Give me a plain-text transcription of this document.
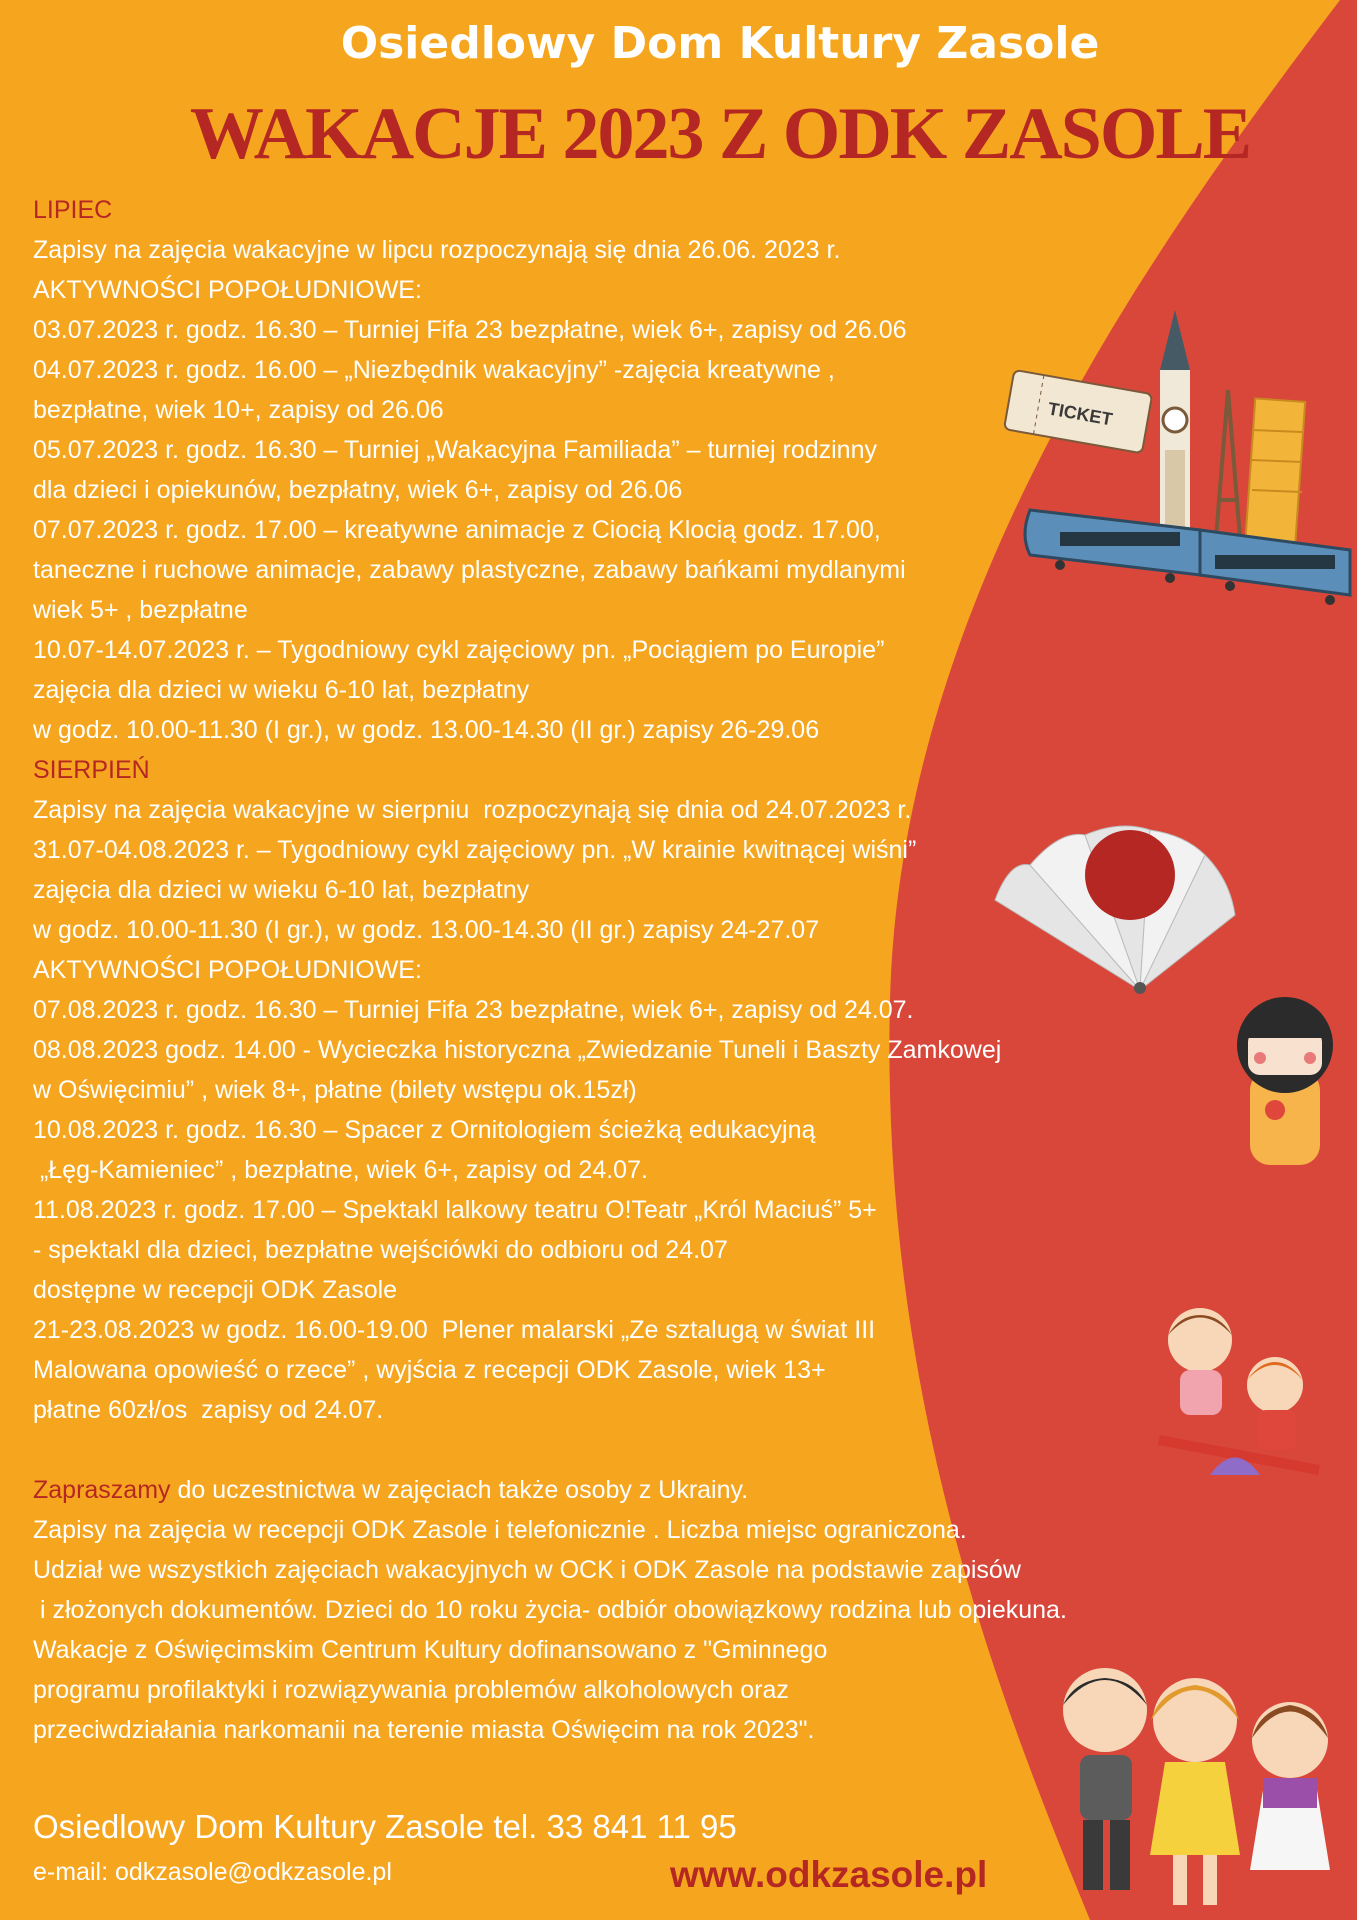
Osiedlowy Dom Kultury Zasole
WAKACJE 2023 Z ODK ZASOLE
LIPIEC
Zapisy na zajęcia wakacyjne w lipcu rozpoczynają się dnia 26.06. 2023 r.
AKTYWNOŚCI POPOŁUDNIOWE:
03.07.2023 r. godz. 16.30 – Turniej Fifa 23 bezpłatne, wiek 6+, zapisy od 26.06
04.07.2023 r. godz. 16.00 – „Niezbędnik wakacyjny” -zajęcia kreatywne ,
bezpłatne, wiek 10+, zapisy od 26.06
05.07.2023 r. godz. 16.30 – Turniej „Wakacyjna Familiada” – turniej rodzinny
dla dzieci i opiekunów, bezpłatny, wiek 6+, zapisy od 26.06
07.07.2023 r. godz. 17.00 – kreatywne animacje z Ciocią Klocią godz. 17.00,
taneczne i ruchowe animacje, zabawy plastyczne, zabawy bańkami mydlanymi
wiek 5+ , bezpłatne
10.07-14.07.2023 r. – Tygodniowy cykl zajęciowy pn. „Pociągiem po Europie”
zajęcia dla dzieci w wieku 6-10 lat, bezpłatny
w godz. 10.00-11.30 (I gr.), w godz. 13.00-14.30 (II gr.) zapisy 26-29.06
SIERPIEŃ
Zapisy na zajęcia wakacyjne w sierpniu  rozpoczynają się dnia od 24.07.2023 r.
31.07-04.08.2023 r. – Tygodniowy cykl zajęciowy pn. „W krainie kwitnącej wiśni”
zajęcia dla dzieci w wieku 6-10 lat, bezpłatny
w godz. 10.00-11.30 (I gr.), w godz. 13.00-14.30 (II gr.) zapisy 24-27.07
AKTYWNOŚCI POPOŁUDNIOWE:
07.08.2023 r. godz. 16.30 – Turniej Fifa 23 bezpłatne, wiek 6+, zapisy od 24.07.
08.08.2023 godz. 14.00 - Wycieczka historyczna „Zwiedzanie Tuneli i Baszty Zamkowej
w Oświęcimiu” , wiek 8+, płatne (bilety wstępu ok.15zł)
10.08.2023 r. godz. 16.30 – Spacer z Ornitologiem ścieżką edukacyjną
„Łęg-Kamieniec” , bezpłatne, wiek 6+, zapisy od 24.07.
11.08.2023 r. godz. 17.00 – Spektakl lalkowy teatru O!Teatr „Król Maciuś” 5+
- spektakl dla dzieci, bezpłatne wejściówki do odbioru od 24.07
dostępne w recepcji ODK Zasole
21-23.08.2023 w godz. 16.00-19.00  Plener malarski „Ze sztalugą w świat III
Malowana opowieść o rzece” , wyjścia z recepcji ODK Zasole, wiek 13+
płatne 60zł/os  zapisy od 24.07.
Zapraszamy do uczestnictwa w zajęciach także osoby z Ukrainy.
Zapisy na zajęcia w recepcji ODK Zasole i telefonicznie . Liczba miejsc ograniczona.
Udział we wszystkich zajęciach wakacyjnych w OCK i ODK Zasole na podstawie zapisów
i złożonych dokumentów. Dzieci do 10 roku życia- odbiór obowiązkowy rodzina lub opiekuna.
Wakacje z Oświęcimskim Centrum Kultury dofinansowano z "Gminnego
programu profilaktyki i rozwiązywania problemów alkoholowych oraz
przeciwdziałania narkomanii na terenie miasta Oświęcim na rok 2023".
Osiedlowy Dom Kultury Zasole tel. 33 841 11 95
e-mail: odkzasole@odkzasole.pl	www.odkzasole.pl
TICKET
